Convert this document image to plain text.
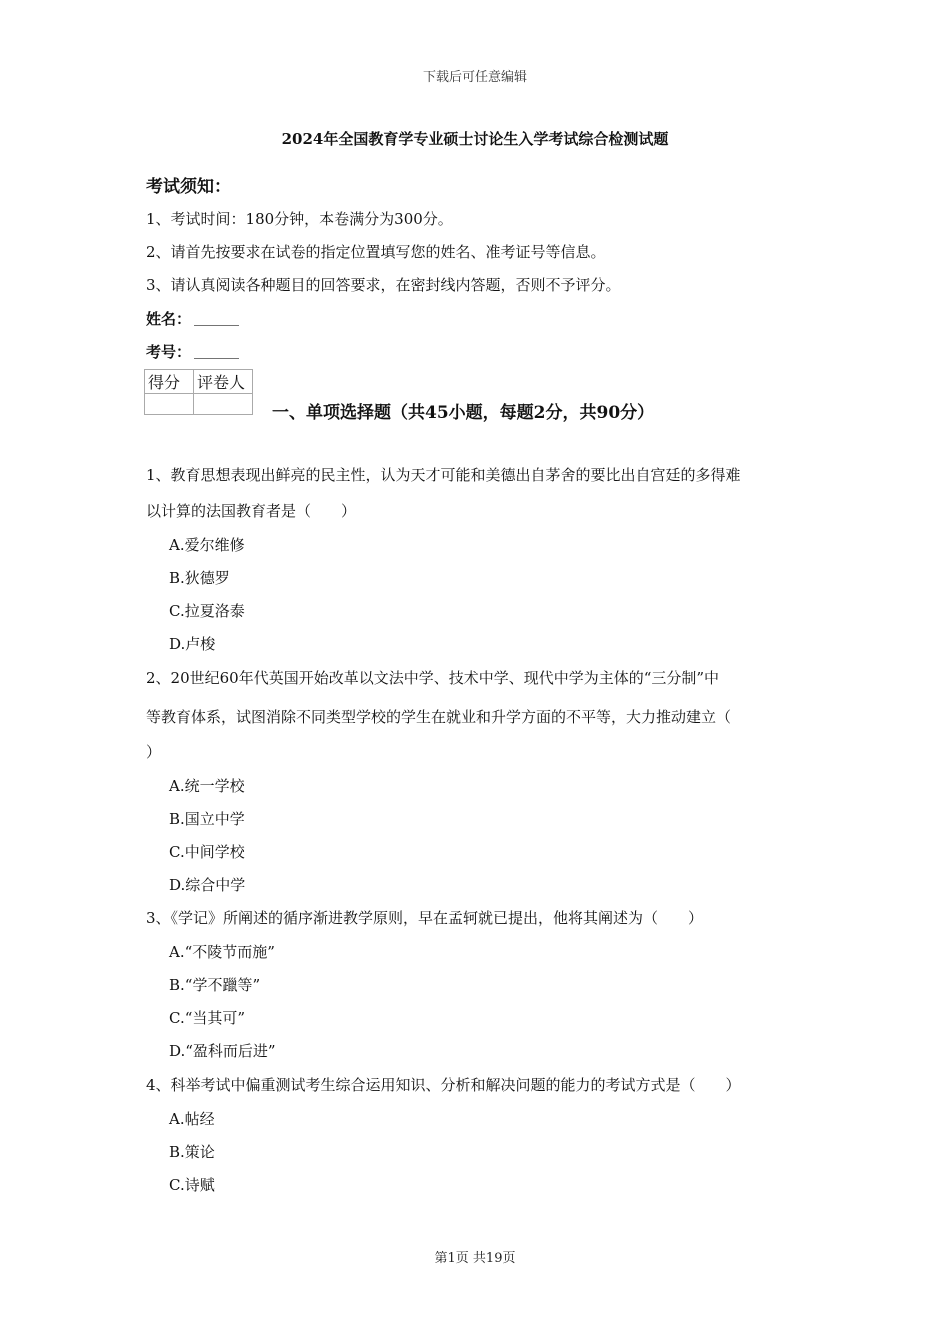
下载后可任意编辑
2024年全国教育学专业硕士讨论生入学考试综合检测试题
考试须知：
1、考试时间：180分钟，本卷满分为300分。
2、请首先按要求在试卷的指定位置填写您的姓名、准考证号等信息。
3、请认真阅读各种题目的回答要求，在密封线内答题，否则不予评分。
姓名： ______
考号： ______
得分	评卷人

一、单项选择题（共45小题，每题2分，共90分）
1、教育思想表现出鲜亮的民主性，认为天才可能和美德出自茅舍的要比出自宫廷的多得难
以计算的法国教育者是（　　）
A.爱尔维修
B.狄德罗
C.拉夏洛泰
D.卢梭
2、20世纪60年代英国开始改革以文法中学、技术中学、现代中学为主体的“三分制”中
等教育体系，试图消除不同类型学校的学生在就业和升学方面的不平等，大力推动建立（
）
A.统一学校
B.国立中学
C.中间学校
D.综合中学
3、《学记》所阐述的循序渐进教学原则，早在孟轲就已提出，他将其阐述为（　　）
A.“不陵节而施”
B.“学不躐等”
C.“当其可”
D.“盈科而后进”
4、科举考试中偏重测试考生综合运用知识、分析和解决问题的能力的考试方式是（　　）
A.帖经
B.策论
C.诗赋
第1页 共19页
